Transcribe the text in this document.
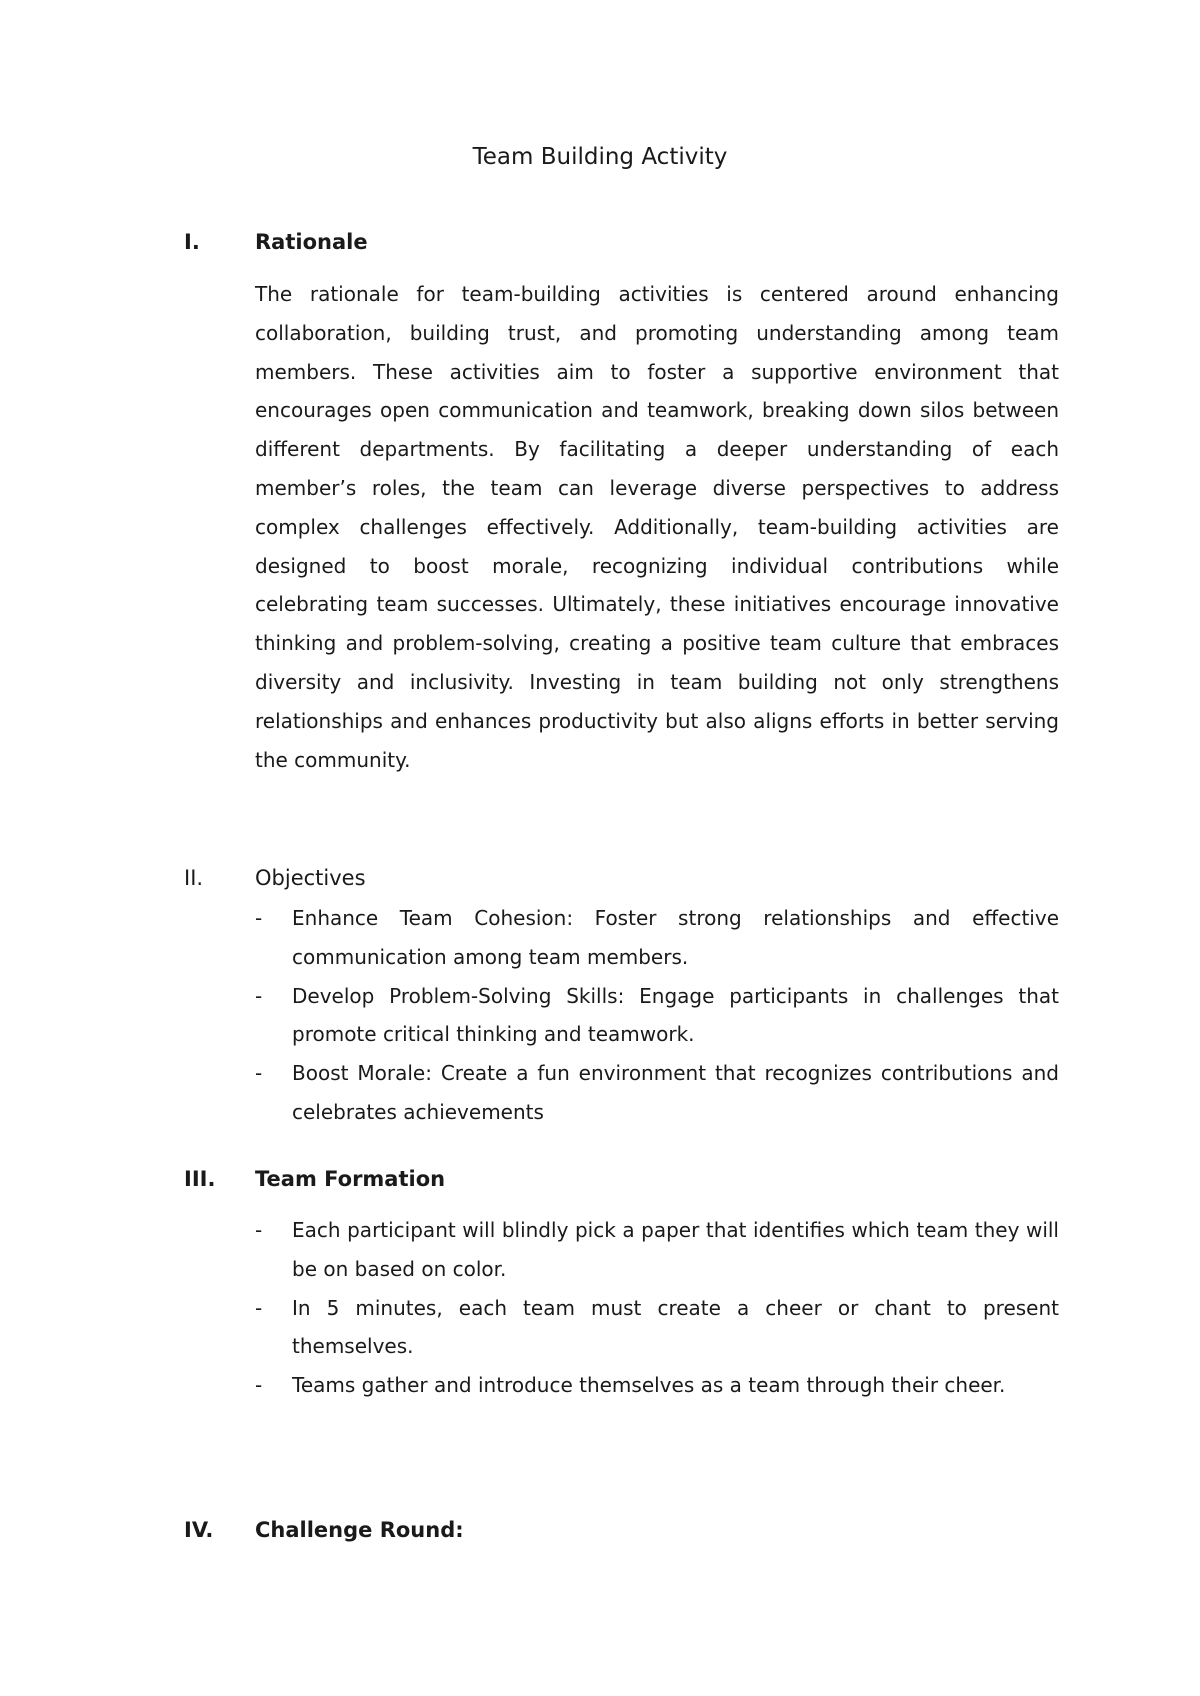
Team Building Activity
I.	Rationale

The rationale for team-building activities is centered around enhancing collaboration, building trust, and promoting understanding among team members. These activities aim to foster a supportive environment that encourages open communication and teamwork, breaking down silos between different departments. By facilitating a deeper understanding of each member’s roles, the team can leverage diverse perspectives to address complex challenges effectively. Additionally, team-building activities are designed to boost morale, recognizing individual contributions while celebrating team successes. Ultimately, these initiatives encourage innovative thinking and problem-solving, creating a positive team culture that embraces diversity and inclusivity. Investing in team building not only strengthens relationships and enhances productivity but also aligns efforts in better serving the community.

II. Objectives
- Enhance Team Cohesion: Foster strong relationships and effective communication among team members.
- Develop Problem-Solving Skills: Engage participants in challenges that promote critical thinking and teamwork.
- Boost Morale: Create a fun environment that recognizes contributions and celebrates achievements
III. Team Formation
- Each participant will blindly pick a paper that identifies which team they will be on based on color.
- In 5 minutes, each team must create a cheer or chant to present themselves.
- Teams gather and introduce themselves as a team through their cheer.
IV. Challenge Round:
